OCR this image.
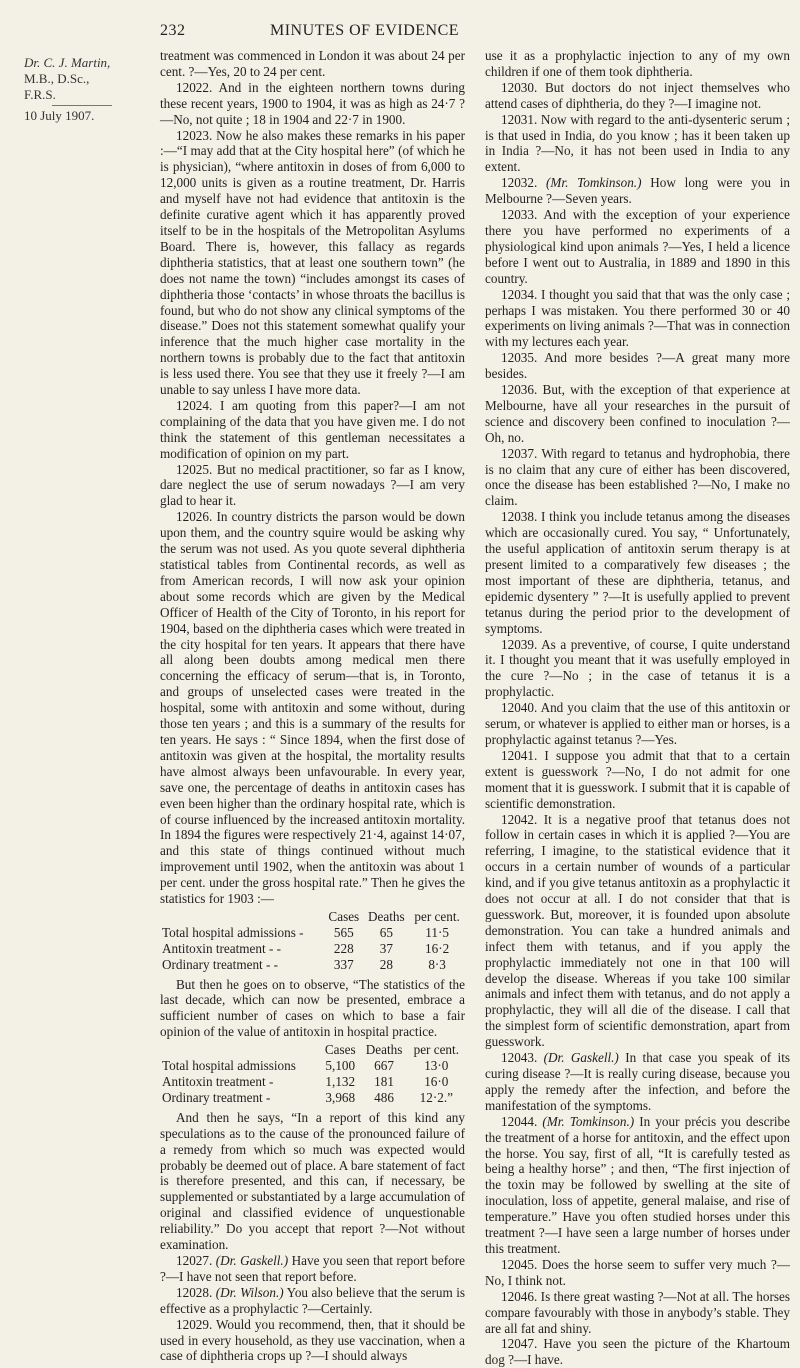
232	MINUTES OF EVIDENCE
Dr. C. J. Martin,
M.B., D.Sc.,
F.R.S.
10 July 1907.

treatment was commenced in London it was about 24 per cent. ?—Yes, 20 to 24 per cent.

12022. And in the eighteen northern towns during these recent years, 1900 to 1904, it was as high as 24·7 ?—No, not quite ; 18 in 1904 and 22·7 in 1900.

12023. Now he also makes these remarks in his paper :—“I may add that at the City hospital here” (of which he is physician), “where antitoxin in doses of from 6,000 to 12,000 units is given as a routine treatment, Dr. Harris and myself have not had evidence that antitoxin is the definite curative agent which it has apparently proved itself to be in the hospitals of the Metropolitan Asylums Board. There is, however, this fallacy as regards diphtheria statistics, that at least one southern town” (he does not name the town) “includes amongst its cases of diphtheria those ‘contacts’ in whose throats the bacillus is found, but who do not show any clinical symptoms of the disease.” Does not this statement somewhat qualify your inference that the much higher case mortality in the northern towns is probably due to the fact that antitoxin is less used there. You see that they use it freely ?—I am unable to say unless I have more data.

12024. I am quoting from this paper?—I am not complaining of the data that you have given me. I do not think the statement of this gentleman necessitates a modification of opinion on my part.

12025. But no medical practitioner, so far as I know, dare neglect the use of serum nowadays ?—I am very glad to hear it.

12026. In country districts the parson would be down upon them, and the country squire would be asking why the serum was not used. As you quote several diphtheria statistical tables from Continental records, as well as from American records, I will now ask your opinion about some records which are given by the Medical Officer of Health of the City of Toronto, in his report for 1904, based on the diphtheria cases which were treated in the city hospital for ten years. It appears that there have all along been doubts among medical men there concerning the efficacy of serum—that is, in Toronto, and groups of unselected cases were treated in the hospital, some with antitoxin and some without, during those ten years ; and this is a summary of the results for ten years. He says : “ Since 1894, when the first dose of antitoxin was given at the hospital, the mortality results have almost always been unfavourable. In every year, save one, the percentage of deaths in antitoxin cases has even been higher than the ordinary hospital rate, which is of course influenced by the increased antitoxin mortality. In 1894 the figures were respectively 21·4, against 14·07, and this state of things continued without much improvement until 1902, when the antitoxin was about 1 per cent. under the gross hospital rate.” Then he gives the statistics for 1903 :—

	Cases	Deaths	per cent.
Total hospital admissions -	565	65	11·5
Antitoxin treatment - -	228	37	16·2
Ordinary treatment - -	337	28	8·3

But then he goes on to observe, “The statistics of the last decade, which can now be presented, embrace a sufficient number of cases on which to base a fair opinion of the value of antitoxin in hospital practice.

	Cases	Deaths	per cent.
Total hospital admissions	5,100	667	13·0
Antitoxin treatment -	1,132	181	16·0
Ordinary treatment -	3,968	486	12·2.”

And then he says, “In a report of this kind any speculations as to the cause of the pronounced failure of a remedy from which so much was expected would probably be deemed out of place. A bare statement of fact is therefore presented, and this can, if necessary, be supplemented or substantiated by a large accumulation of original and classified evidence of unquestionable reliability.” Do you accept that report ?—Not without examination.

12027. (Dr. Gaskell.) Have you seen that report before ?—I have not seen that report before.

12028. (Dr. Wilson.) You also believe that the serum is effective as a prophylactic ?—Certainly.

12029. Would you recommend, then, that it should be used in every household, as they use vaccination, when a case of diphtheria crops up ?—I should always

use it as a prophylactic injection to any of my own children if one of them took diphtheria.

12030. But doctors do not inject themselves who attend cases of diphtheria, do they ?—I imagine not.

12031. Now with regard to the anti-dysenteric serum ; is that used in India, do you know ; has it been taken up in India ?—No, it has not been used in India to any extent.

12032. (Mr. Tomkinson.) How long were you in Melbourne ?—Seven years.

12033. And with the exception of your experience there you have performed no experiments of a physiological kind upon animals ?—Yes, I held a licence before I went out to Australia, in 1889 and 1890 in this country.

12034. I thought you said that that was the only case ; perhaps I was mistaken. You there performed 30 or 40 experiments on living animals ?—That was in connection with my lectures each year.

12035. And more besides ?—A great many more besides.

12036. But, with the exception of that experience at Melbourne, have all your researches in the pursuit of science and discovery been confined to inoculation ?—Oh, no.

12037. With regard to tetanus and hydrophobia, there is no claim that any cure of either has been discovered, once the disease has been established ?—No, I make no claim.

12038. I think you include tetanus among the diseases which are occasionally cured. You say, “ Unfortunately, the useful application of antitoxin serum therapy is at present limited to a comparatively few diseases ; the most important of these are diphtheria, tetanus, and epidemic dysentery ” ?—It is usefully applied to prevent tetanus during the period prior to the development of symptoms.

12039. As a preventive, of course, I quite understand it. I thought you meant that it was usefully employed in the cure ?—No ; in the case of tetanus it is a prophylactic.

12040. And you claim that the use of this antitoxin or serum, or whatever is applied to either man or horses, is a prophylactic against tetanus ?—Yes.

12041. I suppose you admit that that to a certain extent is guesswork ?—No, I do not admit for one moment that it is guesswork. I submit that it is capable of scientific demonstration.

12042. It is a negative proof that tetanus does not follow in certain cases in which it is applied ?—You are referring, I imagine, to the statistical evidence that it occurs in a certain number of wounds of a particular kind, and if you give tetanus antitoxin as a prophylactic it does not occur at all. I do not consider that that is guesswork. But, moreover, it is founded upon absolute demonstration. You can take a hundred animals and infect them with tetanus, and if you apply the prophylactic immediately not one in that 100 will develop the disease. Whereas if you take 100 similar animals and infect them with tetanus, and do not apply a prophylactic, they will all die of the disease. I call that the simplest form of scientific demonstration, apart from guesswork.

12043. (Dr. Gaskell.) In that case you speak of its curing disease ?—It is really curing disease, because you apply the remedy after the infection, and before the manifestation of the symptoms.

12044. (Mr. Tomkinson.) In your précis you describe the treatment of a horse for antitoxin, and the effect upon the horse. You say, first of all, “It is carefully tested as being a healthy horse” ; and then, “The first injection of the toxin may be followed by swelling at the site of inoculation, loss of appetite, general malaise, and rise of temperature.” Have you often studied horses under this treatment ?—I have seen a large number of horses under this treatment.

12045. Does the horse seem to suffer very much ?—No, I think not.

12046. Is there great wasting ?—Not at all. The horses compare favourably with those in anybody’s stable. They are all fat and shiny.

12047. Have you seen the picture of the Khartoum dog ?—I have.
